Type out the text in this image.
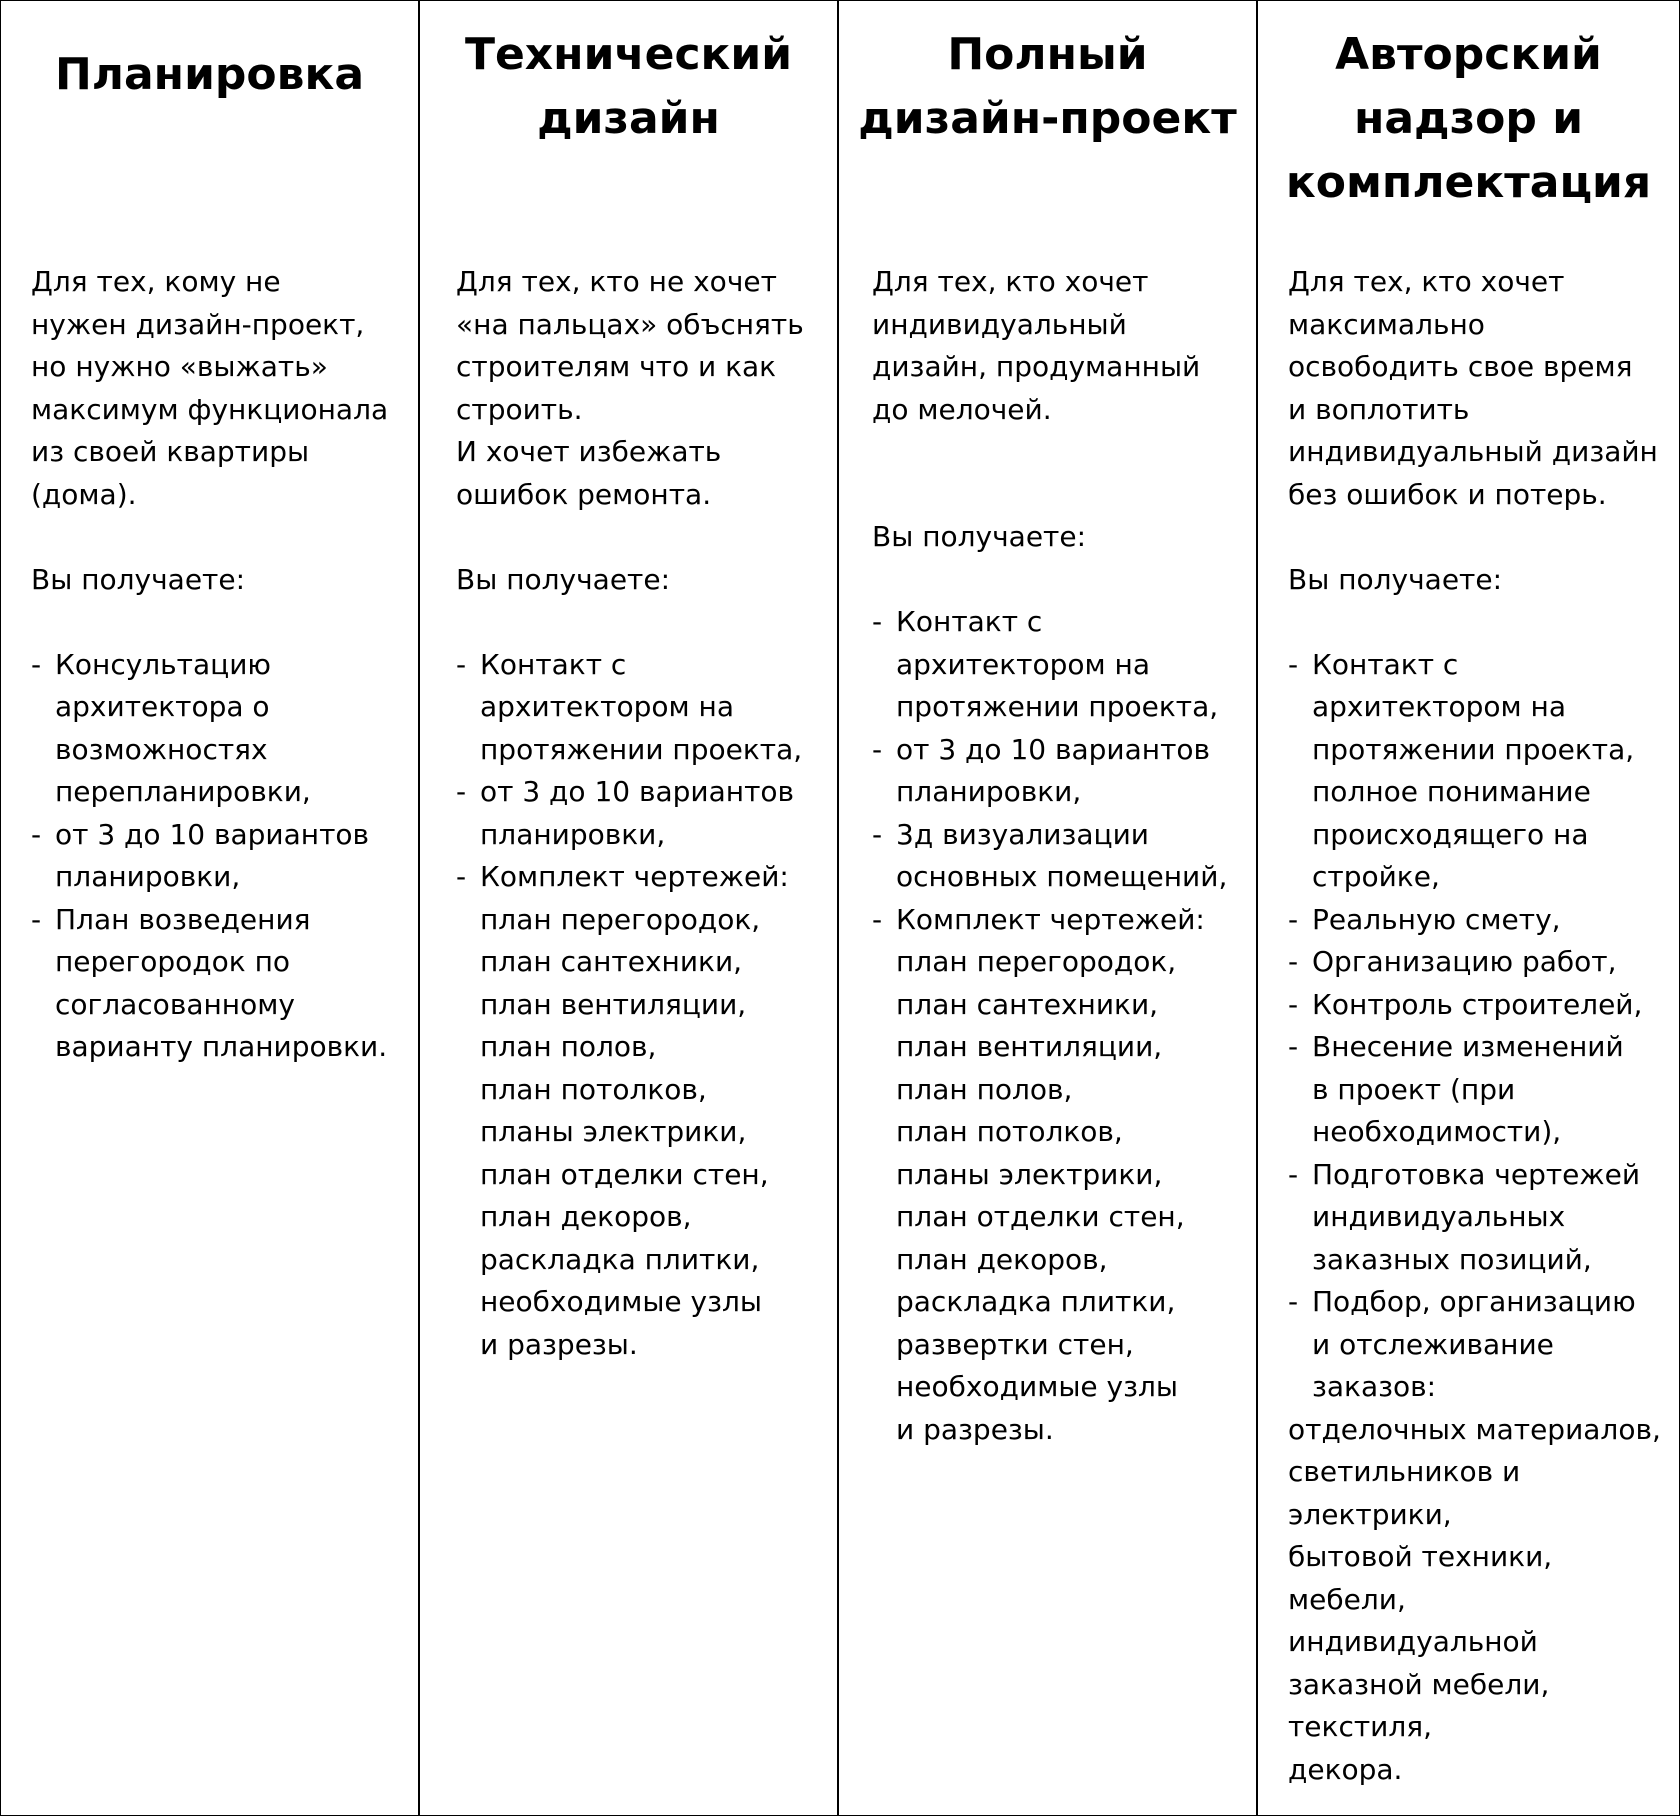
Планировка
Для тех, кому не
нужен дизайн-проект,
но нужно «выжать»
максимум функционала
из своей квартиры
(дома).
Вы получаете:
- Консультацию
архитектора о
возможностях
перепланировки,
- от 3 до 10 вариантов
планировки,
- План возведения
перегородок по
согласованному
варианту планировки.
Технический
дизайн
Для тех, кто не хочет
«на пальцах» объснять
строителям что и как
строить.
И хочет избежать
ошибок ремонта.
Вы получаете:
- Контакт с
архитектором на
протяжении проекта,
- от 3 до 10 вариантов
планировки,
- Комплект чертежей:
план перегородок,
план сантехники,
план вентиляции,
план полов,
план потолков,
планы электрики,
план отделки стен,
план декоров,
раскладка плитки,
необходимые узлы
и разрезы.
Полный
дизайн-проект
Для тех, кто хочет
индивидуальный
дизайн, продуманный
до мелочей.

Вы получаете:
- Контакт с
архитектором на
протяжении проекта,
- от 3 до 10 вариантов
планировки,
- 3д визуализации
основных помещений,
- Комплект чертежей:
план перегородок,
план сантехники,
план вентиляции,
план полов,
план потолков,
планы электрики,
план отделки стен,
план декоров,
раскладка плитки,
развертки стен,
необходимые узлы
и разрезы.
Авторский
надзор и
комплектация
Для тех, кто хочет
максимально
освободить свое время
и воплотить
индивидуальный дизайн
без ошибок и потерь.
Вы получаете:
- Контакт с
архитектором на
протяжении проекта,
полное понимание
происходящего на
стройке,
- Реальную смету,
- Организацию работ,
- Контроль строителей,
- Внесение изменений
в проект (при
необходимости),
- Подготовка чертежей
индивидуальных
заказных позиций,
- Подбор, организацию
и отслеживание
заказов:
отделочных материалов,
светильников и
электрики,
бытовой техники,
мебели,
индивидуальной
заказной мебели,
текстиля,
декора.
